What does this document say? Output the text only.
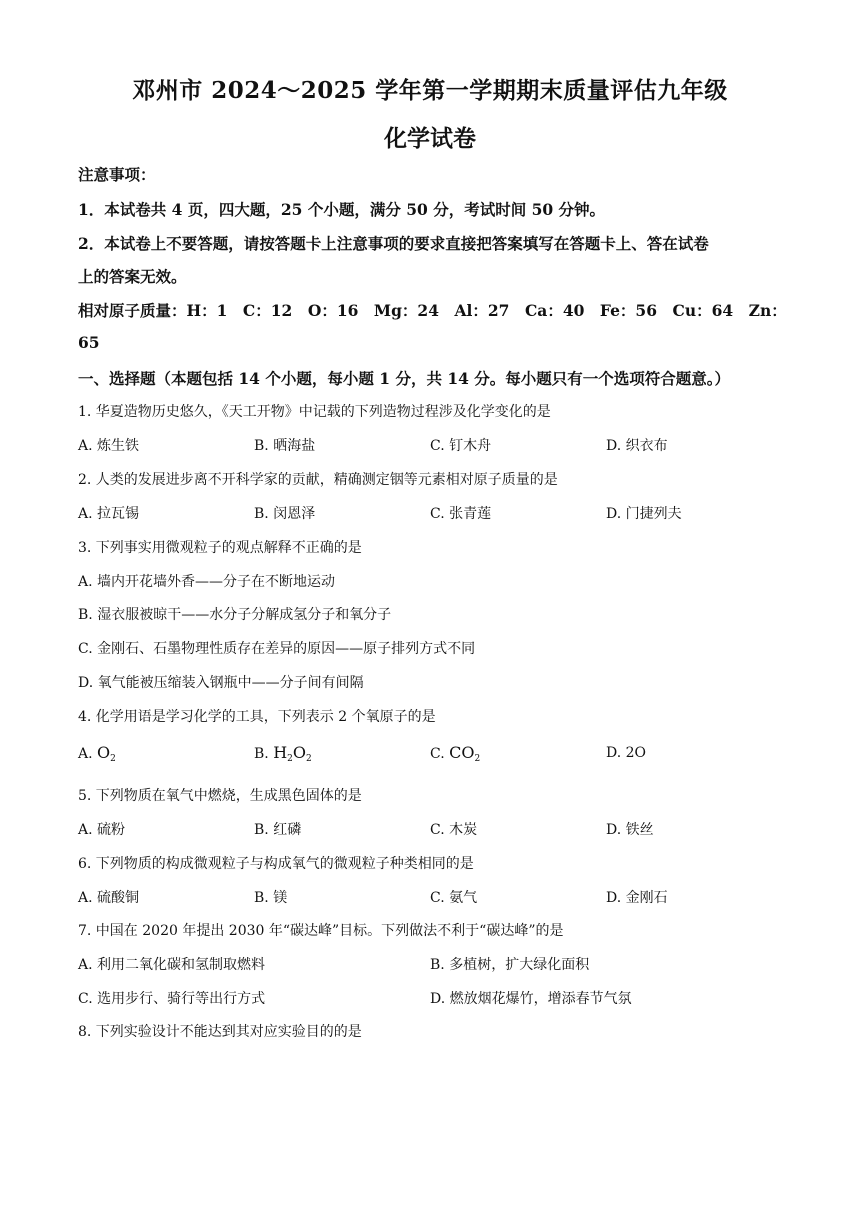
邓州市 2024～2025 学年第一学期期末质量评估九年级
化学试卷
注意事项：
1．本试卷共 4 页，四大题，25 个小题，满分 50 分，考试时间 50 分钟。
2．本试卷上不要答题，请按答题卡上注意事项的要求直接把答案填写在答题卡上、答在试卷
上的答案无效。
相对原子质量：H：1　C：12　O：16　Mg：24　Al：27　Ca：40　Fe：56　Cu：64　Zn：
65
一、选择题（本题包括 14 个小题，每小题 1 分，共 14 分。每小题只有一个选项符合题意。）
1. 华夏造物历史悠久，《天工开物》中记载的下列造物过程涉及化学变化的是
A. 炼生铁	B. 晒海盐	C. 钉木舟	D. 织衣布
2. 人类的发展进步离不开科学家的贡献，精确测定铟等元素相对原子质量的是
A. 拉瓦锡	B. 闵恩泽	C. 张青莲	D. 门捷列夫
3. 下列事实用微观粒子的观点解释不正确的是
A. 墙内开花墙外香——分子在不断地运动
B. 湿衣服被晾干——水分子分解成氢分子和氧分子
C. 金刚石、石墨物理性质存在差异的原因——原子排列方式不同
D. 氧气能被压缩装入钢瓶中——分子间有间隔
4. 化学用语是学习化学的工具，下列表示 2 个氧原子的是
A. $O_2$	B. $H_2O_2$	C. $CO_2$	D. 2O
5. 下列物质在氧气中燃烧，生成黑色固体的是
A. 硫粉	B. 红磷	C. 木炭	D. 铁丝
6. 下列物质的构成微观粒子与构成氧气的微观粒子种类相同的是
A. 硫酸铜	B. 镁	C. 氨气	D. 金刚石
7. 中国在 2020 年提出 2030 年“碳达峰”目标。下列做法不利于“碳达峰”的是
A. 利用二氧化碳和氢制取燃料	B. 多植树，扩大绿化面积
C. 选用步行、骑行等出行方式	D. 燃放烟花爆竹，增添春节气氛
8. 下列实验设计不能达到其对应实验目的的是
